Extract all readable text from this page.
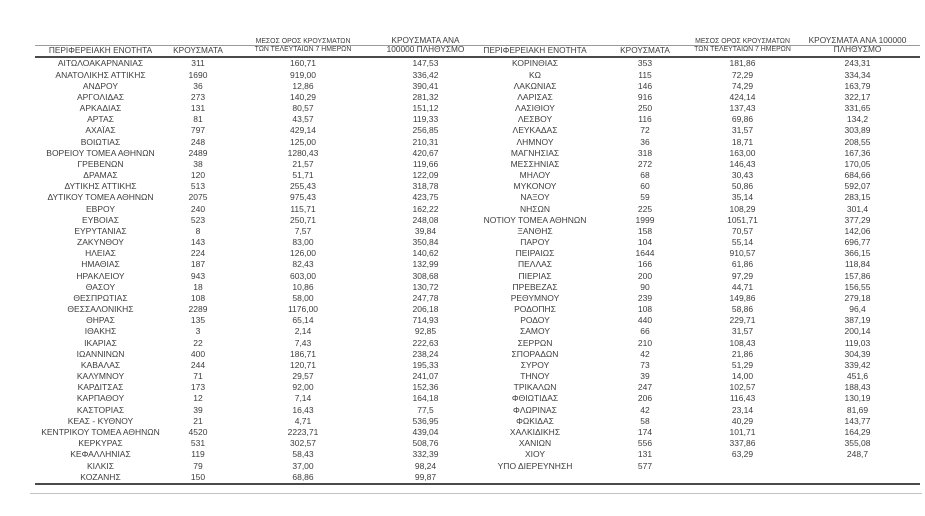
ΠΕΡΙΦΕΡΕΙΑΚΗ ΕΝΟΤΗΤΑ	ΚΡΟΥΣΜΑΤΑ	ΜΕΣΟΣ ΟΡΟΣ ΚΡΟΥΣΜΑΤΩΝ ΤΩΝ ΤΕΛΕΥΤΑΙΩΝ 7 ΗΜΕΡΩΝ	ΚΡΟΥΣΜΑΤΑ ΑΝΑ 100000 ΠΛΗΘΥΣΜΟ
ΑΙΤΩΛΟΑΚΑΡΝΑΝΙΑΣ	311	160,71	147,53
ΑΝΑΤΟΛΙΚΗΣ ΑΤΤΙΚΗΣ	1690	919,00	336,42
ΑΝΔΡΟΥ	36	12,86	390,41
ΑΡΓΟΛΙΔΑΣ	273	140,29	281,32
ΑΡΚΑΔΙΑΣ	131	80,57	151,12
ΑΡΤΑΣ	81	43,57	119,33
ΑΧΑΪΑΣ	797	429,14	256,85
ΒΟΙΩΤΙΑΣ	248	125,00	210,31
ΒΟΡΕΙΟΥ ΤΟΜΕΑ ΑΘΗΝΩΝ	2489	1280,43	420,67
ΓΡΕΒΕΝΩΝ	38	21,57	119,66
ΔΡΑΜΑΣ	120	51,71	122,09
ΔΥΤΙΚΗΣ ΑΤΤΙΚΗΣ	513	255,43	318,78
ΔΥΤΙΚΟΥ ΤΟΜΕΑ ΑΘΗΝΩΝ	2075	975,43	423,75
ΕΒΡΟΥ	240	115,71	162,22
ΕΥΒΟΙΑΣ	523	250,71	248,08
ΕΥΡΥΤΑΝΙΑΣ	8	7,57	39,84
ΖΑΚΥΝΘΟΥ	143	83,00	350,84
ΗΛΕΙΑΣ	224	126,00	140,62
ΗΜΑΘΙΑΣ	187	82,43	132,99
ΗΡΑΚΛΕΙΟΥ	943	603,00	308,68
ΘΑΣΟΥ	18	10,86	130,72
ΘΕΣΠΡΩΤΙΑΣ	108	58,00	247,78
ΘΕΣΣΑΛΟΝΙΚΗΣ	2289	1176,00	206,18
ΘΗΡΑΣ	135	65,14	714,93
ΙΘΑΚΗΣ	3	2,14	92,85
ΙΚΑΡΙΑΣ	22	7,43	222,63
ΙΩΑΝΝΙΝΩΝ	400	186,71	238,24
ΚΑΒΑΛΑΣ	244	120,71	195,33
ΚΑΛΥΜΝΟΥ	71	29,57	241,07
ΚΑΡΔΙΤΣΑΣ	173	92,00	152,36
ΚΑΡΠΑΘΟΥ	12	7,14	164,18
ΚΑΣΤΟΡΙΑΣ	39	16,43	77,5
ΚΕΑΣ - ΚΥΘΝΟΥ	21	4,71	536,95
ΚΕΝΤΡΙΚΟΥ ΤΟΜΕΑ ΑΘΗΝΩΝ	4520	2223,71	439,04
ΚΕΡΚΥΡΑΣ	531	302,57	508,76
ΚΕΦΑΛΛΗΝΙΑΣ	119	58,43	332,39
ΚΙΛΚΙΣ	79	37,00	98,24
ΚΟΖΑΝΗΣ	150	68,86	99,87
ΠΕΡΙΦΕΡΕΙΑΚΗ ΕΝΟΤΗΤΑ	ΚΡΟΥΣΜΑΤΑ	ΜΕΣΟΣ ΟΡΟΣ ΚΡΟΥΣΜΑΤΩΝ ΤΩΝ ΤΕΛΕΥΤΑΙΩΝ 7 ΗΜΕΡΩΝ	ΚΡΟΥΣΜΑΤΑ ΑΝΑ 100000 ΠΛΗΘΥΣΜΟ
ΚΟΡΙΝΘΙΑΣ	353	181,86	243,31
ΚΩ	115	72,29	334,34
ΛΑΚΩΝΙΑΣ	146	74,29	163,79
ΛΑΡΙΣΑΣ	916	424,14	322,17
ΛΑΣΙΘΙΟΥ	250	137,43	331,65
ΛΕΣΒΟΥ	116	69,86	134,2
ΛΕΥΚΑΔΑΣ	72	31,57	303,89
ΛΗΜΝΟΥ	36	18,71	208,55
ΜΑΓΝΗΣΙΑΣ	318	163,00	167,36
ΜΕΣΣΗΝΙΑΣ	272	146,43	170,05
ΜΗΛΟΥ	68	30,43	684,66
ΜΥΚΟΝΟΥ	60	50,86	592,07
ΝΑΞΟΥ	59	35,14	283,15
ΝΗΣΩΝ	225	108,29	301,4
ΝΟΤΙΟΥ ΤΟΜΕΑ ΑΘΗΝΩΝ	1999	1051,71	377,29
ΞΑΝΘΗΣ	158	70,57	142,06
ΠΑΡΟΥ	104	55,14	696,77
ΠΕΙΡΑΙΩΣ	1644	910,57	366,15
ΠΕΛΛΑΣ	166	61,86	118,84
ΠΙΕΡΙΑΣ	200	97,29	157,86
ΠΡΕΒΕΖΑΣ	90	44,71	156,55
ΡΕΘΥΜΝΟΥ	239	149,86	279,18
ΡΟΔΟΠΗΣ	108	58,86	96,4
ΡΟΔΟΥ	440	229,71	387,19
ΣΑΜΟΥ	66	31,57	200,14
ΣΕΡΡΩΝ	210	108,43	119,03
ΣΠΟΡΑΔΩΝ	42	21,86	304,39
ΣΥΡΟΥ	73	51,29	339,42
ΤΗΝΟΥ	39	14,00	451,6
ΤΡΙΚΑΛΩΝ	247	102,57	188,43
ΦΘΙΩΤΙΔΑΣ	206	116,43	130,19
ΦΛΩΡΙΝΑΣ	42	23,14	81,69
ΦΩΚΙΔΑΣ	58	40,29	143,77
ΧΑΛΚΙΔΙΚΗΣ	174	101,71	164,29
ΧΑΝΙΩΝ	556	337,86	355,08
ΧΙΟΥ	131	63,29	248,7
ΥΠΟ ΔΙΕΡΕΥΝΗΣΗ	577		
